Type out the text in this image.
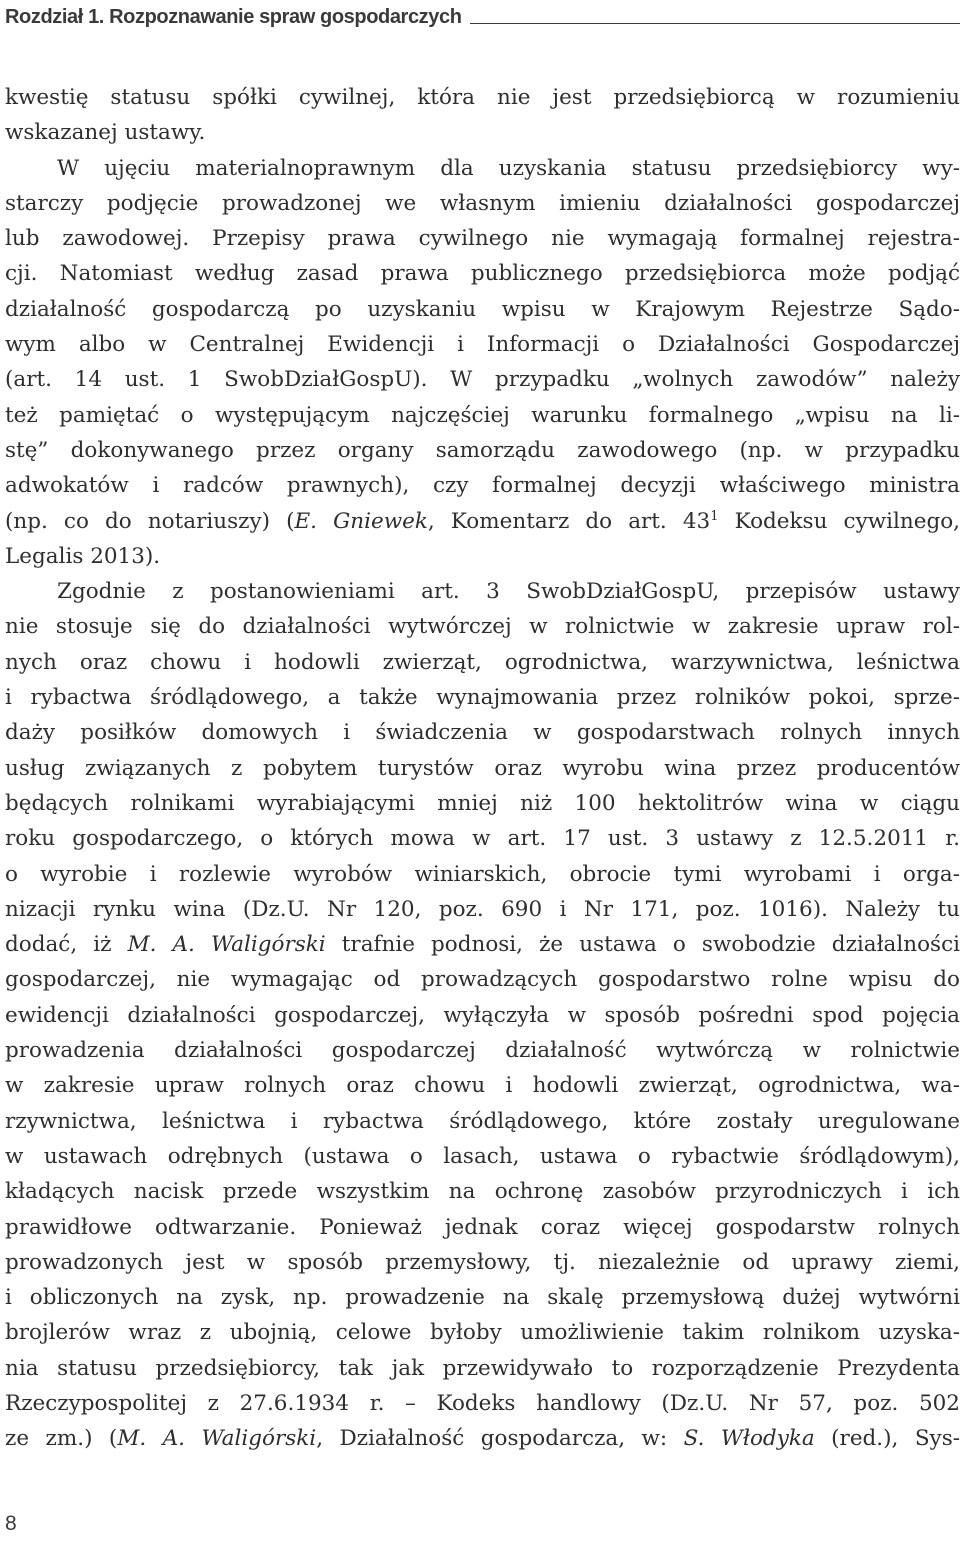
Rozdział 1. Rozpoznawanie spraw gospodarczych
kwestię statusu spółki cywilnej, która nie jest przedsiębiorcą w rozumieniu
wskazanej ustawy.
W ujęciu materialnoprawnym dla uzyskania statusu przedsiębiorcy wy-
starczy podjęcie prowadzonej we własnym imieniu działalności gospodarczej
lub zawodowej. Przepisy prawa cywilnego nie wymagają formalnej rejestra-
cji. Natomiast według zasad prawa publicznego przedsiębiorca może podjąć
działalność gospodarczą po uzyskaniu wpisu w Krajowym Rejestrze Sądo-
wym albo w Centralnej Ewidencji i Informacji o Działalności Gospodarczej
(art. 14 ust. 1 SwobDziałGospU). W przypadku „wolnych zawodów” należy
też pamiętać o występującym najczęściej warunku formalnego „wpisu na li-
stę” dokonywanego przez organy samorządu zawodowego (np. w przypadku
adwokatów i radców prawnych), czy formalnej decyzji właściwego ministra
(np. co do notariuszy) (E. Gniewek, Komentarz do art. $43^1$ Kodeksu cywilnego,
Legalis 2013).
Zgodnie z postanowieniami art. 3 SwobDziałGospU, przepisów ustawy
nie stosuje się do działalności wytwórczej w rolnictwie w zakresie upraw rol-
nych oraz chowu i hodowli zwierząt, ogrodnictwa, warzywnictwa, leśnictwa
i rybactwa śródlądowego, a także wynajmowania przez rolników pokoi, sprze-
daży posiłków domowych i świadczenia w gospodarstwach rolnych innych
usług związanych z pobytem turystów oraz wyrobu wina przez producentów
będących rolnikami wyrabiającymi mniej niż 100 hektolitrów wina w ciągu
roku gospodarczego, o których mowa w art. 17 ust. 3 ustawy z 12.5.2011 r.
o wyrobie i rozlewie wyrobów winiarskich, obrocie tymi wyrobami i orga-
nizacji rynku wina (Dz.U. Nr 120, poz. 690 i Nr 171, poz. 1016). Należy tu
dodać, iż M. A. Waligórski trafnie podnosi, że ustawa o swobodzie działalności
gospodarczej, nie wymagając od prowadzących gospodarstwo rolne wpisu do
ewidencji działalności gospodarczej, wyłączyła w sposób pośredni spod pojęcia
prowadzenia działalności gospodarczej działalność wytwórczą w rolnictwie
w zakresie upraw rolnych oraz chowu i hodowli zwierząt, ogrodnictwa, wa-
rzywnictwa, leśnictwa i rybactwa śródlądowego, które zostały uregulowane
w ustawach odrębnych (ustawa o lasach, ustawa o rybactwie śródlądowym),
kładących nacisk przede wszystkim na ochronę zasobów przyrodniczych i ich
prawidłowe odtwarzanie. Ponieważ jednak coraz więcej gospodarstw rolnych
prowadzonych jest w sposób przemysłowy, tj. niezależnie od uprawy ziemi,
i obliczonych na zysk, np. prowadzenie na skalę przemysłową dużej wytwórni
brojlerów wraz z ubojnią, celowe byłoby umożliwienie takim rolnikom uzyska-
nia statusu przedsiębiorcy, tak jak przewidywało to rozporządzenie Prezydenta
Rzeczypospolitej z 27.6.1934 r. – Kodeks handlowy (Dz.U. Nr 57, poz. 502
ze zm.) (M. A. Waligórski, Działalność gospodarcza, w: S. Włodyka (red.), Sys-
8
